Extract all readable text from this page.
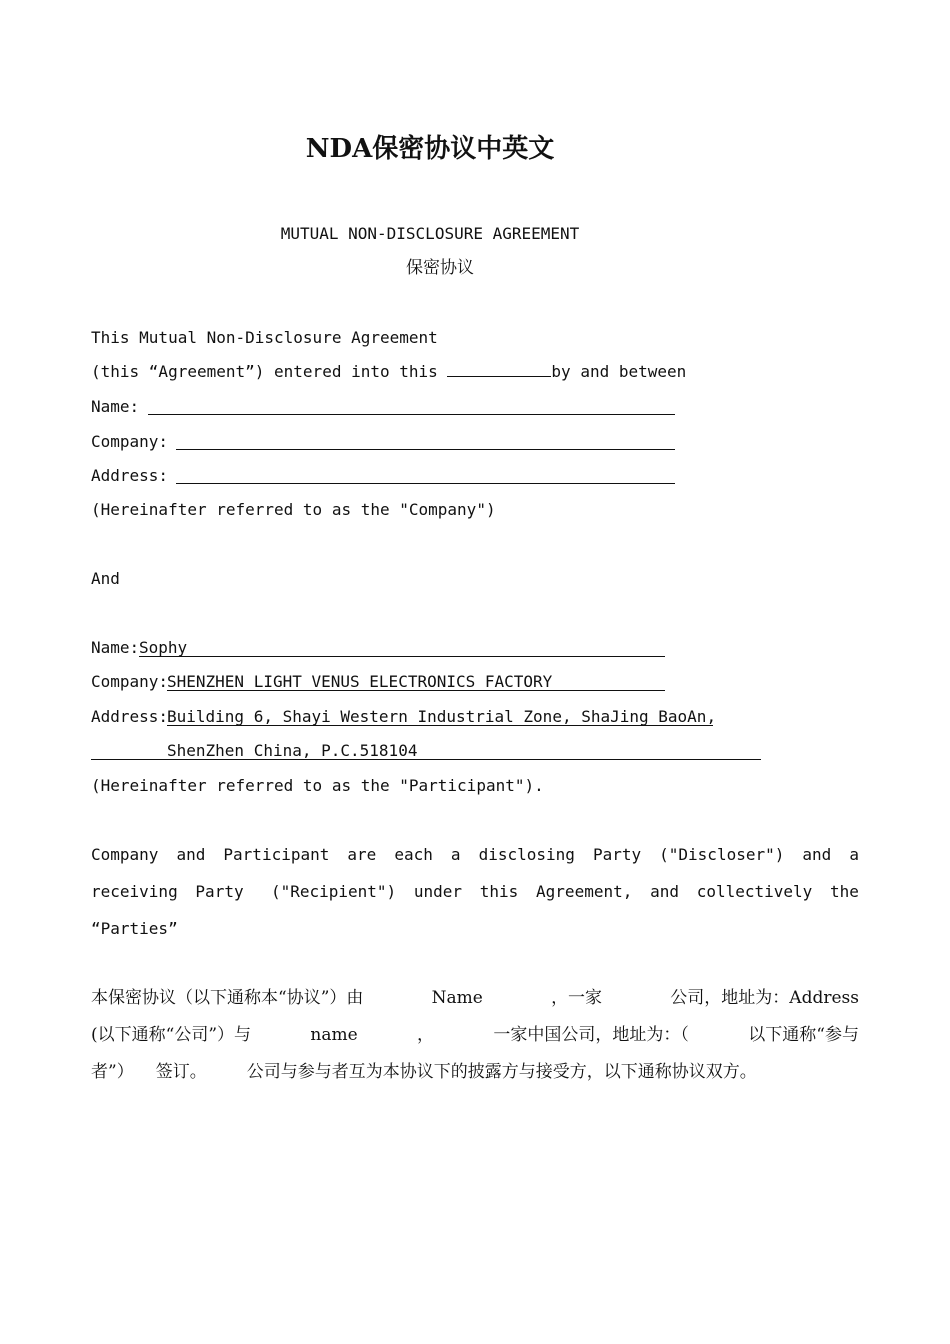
NDA保密协议中英文
MUTUAL NON-DISCLOSURE AGREEMENT
保密协议
This Mutual Non-Disclosure Agreement
(this “Agreement”) entered into this	by and between
Name:
Company:
Address:
(Hereinafter referred to as the "Company")
And
Name: Sophy
Company:
SHENZHEN LIGHT VENUS ELECTRONICS FACTORY
Address:
Building 6, Shayi Western Industrial Zone, ShaJing BaoAn,
ShenZhen China, P.C.518104
(Hereinafter referred to as the "Participant").
Company and Participant are each a disclosing Party ("Discloser") and a
receiving Party ("Recipient") under this Agreement, and collectively the
“Parties”
本保密协议（以下通称本“协议”）由	Name	，一家	公司，地址为：Address
(以下通称“公司”）与	name	，	一家中国公司，地址为：（	以下通称“参与
者”） 签订。 公司与参与者互为本协议下的披露方与接受方，以下通称协议双方。
